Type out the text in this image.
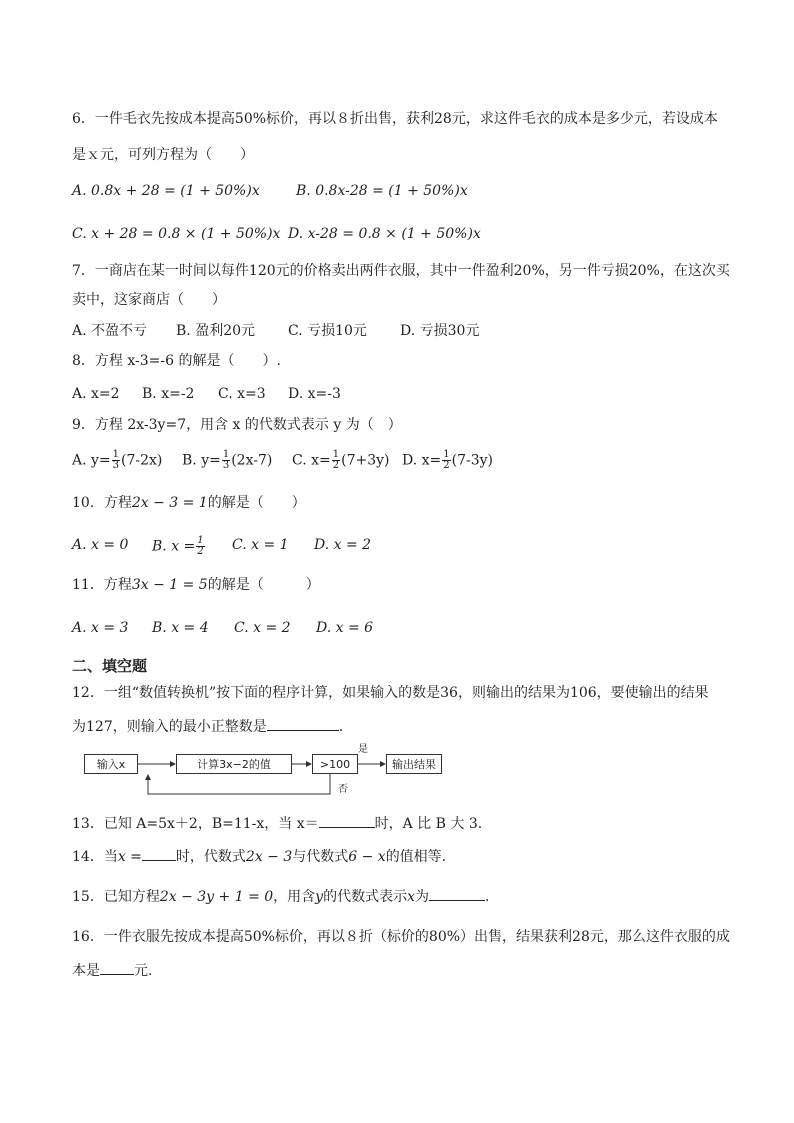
6．一件毛衣先按成本提高50%标价，再以８折出售，获利28元，求这件毛衣的成本是多少元，若设成本
是ｘ元，可列方程为（　　）
A. 0.8x + 28 = (1 + 50%)x	B. 0.8x-28 = (1 + 50%)x
C. x + 28 = 0.8 × (1 + 50%)x D. x-28 = 0.8 × (1 + 50%)x
7．一商店在某一时间以每件120元的价格卖出两件衣服，其中一件盈利20%，另一件亏损20%，在这次买
卖中，这家商店（　　）
A. 不盈不亏 B. 盈利20元 C. 亏损10元 D. 亏损30元
8．方程 x-3=-6 的解是（　　）.
A. x=2 B. x=-2 C. x=3 D. x=-3
9．方程 2x-3y=7，用含 x 的代数式表示 y 为（　）
A. $y= \frac{1}{3} (7-2x)$ B. $y= \frac{1}{3} (2x-7)$ C. $x= \frac{1}{2} (7+3y)$ D. $x= \frac{1}{2} (7-3y)$
10．方程2x − 3 = 1的解是（　　）
A. x = 0 B. $x = \frac{1}{2} C$. x = 1 D. x = 2
11．方程3x − 1 = 5的解是（　　　）
A. x = 3 B. x = 4 C. x = 2 D. x = 6
二、填空题
12．一组“数值转换机”按下面的程序计算，如果输入的数是36，则输出的结果为106，要使输出的结果
为127，则输入的最小正整数是	.
输入x	计算3x−2的值	>100	输出结果
是
否
13．已知 A=5x＋2，B=11-x，当 x＝	时，A 比 B 大 3.
14．当x = 时，代数式2x − 3与代数式6 − x的值相等.
15．已知方程2x − 3y + 1 = 0，用含y的代数式表示x为	.
16．一件衣服先按成本提高50%标价，再以８折（标价的80%）出售，结果获利28元，那么这件衣服的成
本是 元.
